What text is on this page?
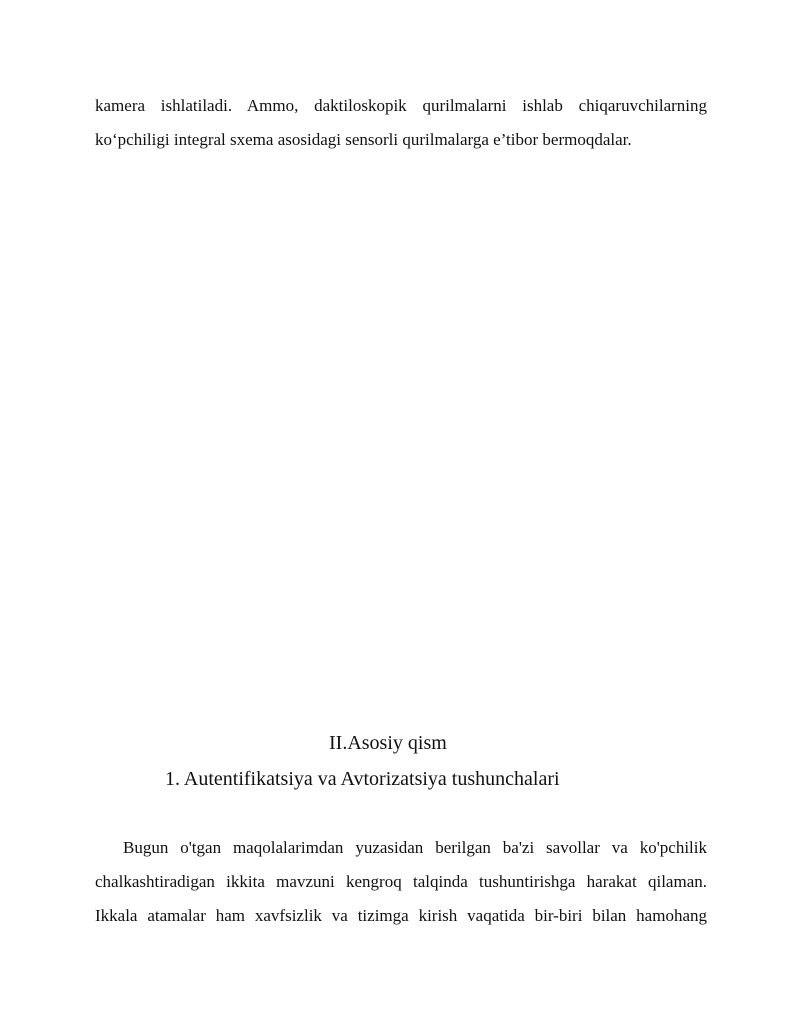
kamera ishlatiladi. Ammo, daktiloskopik qurilmalarni ishlab chiqaruvchilarning
ko‘pchiligi integral sxema asosidagi sensorli qurilmalarga e’tibor bermoqdalar.
II.Asosiy qism
1. Autentifikatsiya va Avtorizatsiya tushunchalari
Bugun o'tgan maqolalarimdan yuzasidan berilgan ba'zi savollar va ko'pchilik
chalkashtiradigan ikkita mavzuni kengroq talqinda tushuntirishga harakat qilaman.
Ikkala atamalar ham xavfsizlik va tizimga kirish vaqatida bir-biri bilan hamohang
